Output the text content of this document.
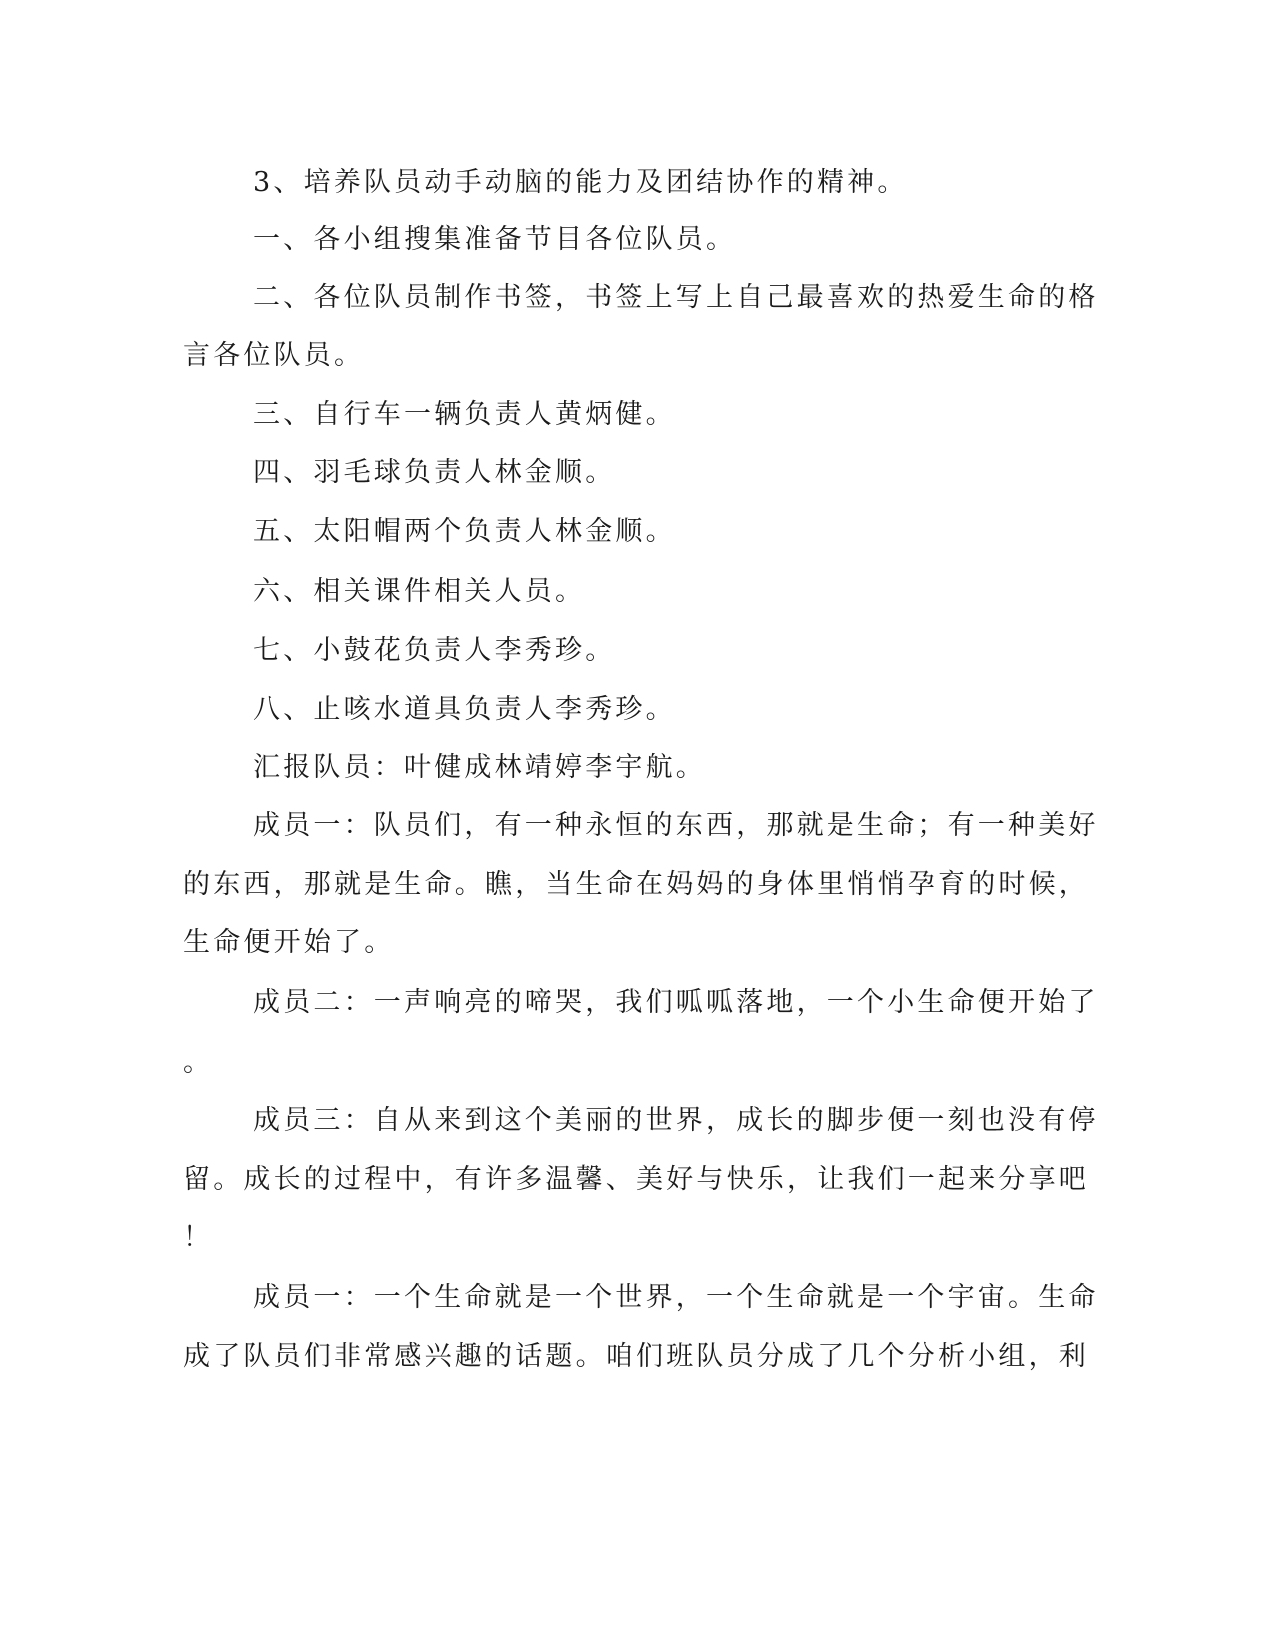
3、培养队员动手动脑的能力及团结协作的精神。
一、各小组搜集准备节目各位队员。
二、各位队员制作书签，书签上写上自己最喜欢的热爱生命的格
言各位队员。
三、自行车一辆负责人黄炳健。
四、羽毛球负责人林金顺。
五、太阳帽两个负责人林金顺。
六、相关课件相关人员。
七、小鼓花负责人李秀珍。
八、止咳水道具负责人李秀珍。
汇报队员：叶健成林靖婷李宇航。
成员一：队员们，有一种永恒的东西，那就是生命；有一种美好
的东西，那就是生命。瞧，当生命在妈妈的身体里悄悄孕育的时候，
生命便开始了。
成员二：一声响亮的啼哭，我们呱呱落地，一个小生命便开始了
。
成员三：自从来到这个美丽的世界，成长的脚步便一刻也没有停
留。成长的过程中，有许多温馨、美好与快乐，让我们一起来分享吧
！
成员一：一个生命就是一个世界，一个生命就是一个宇宙。生命
成了队员们非常感兴趣的话题。咱们班队员分成了几个分析小组，利
